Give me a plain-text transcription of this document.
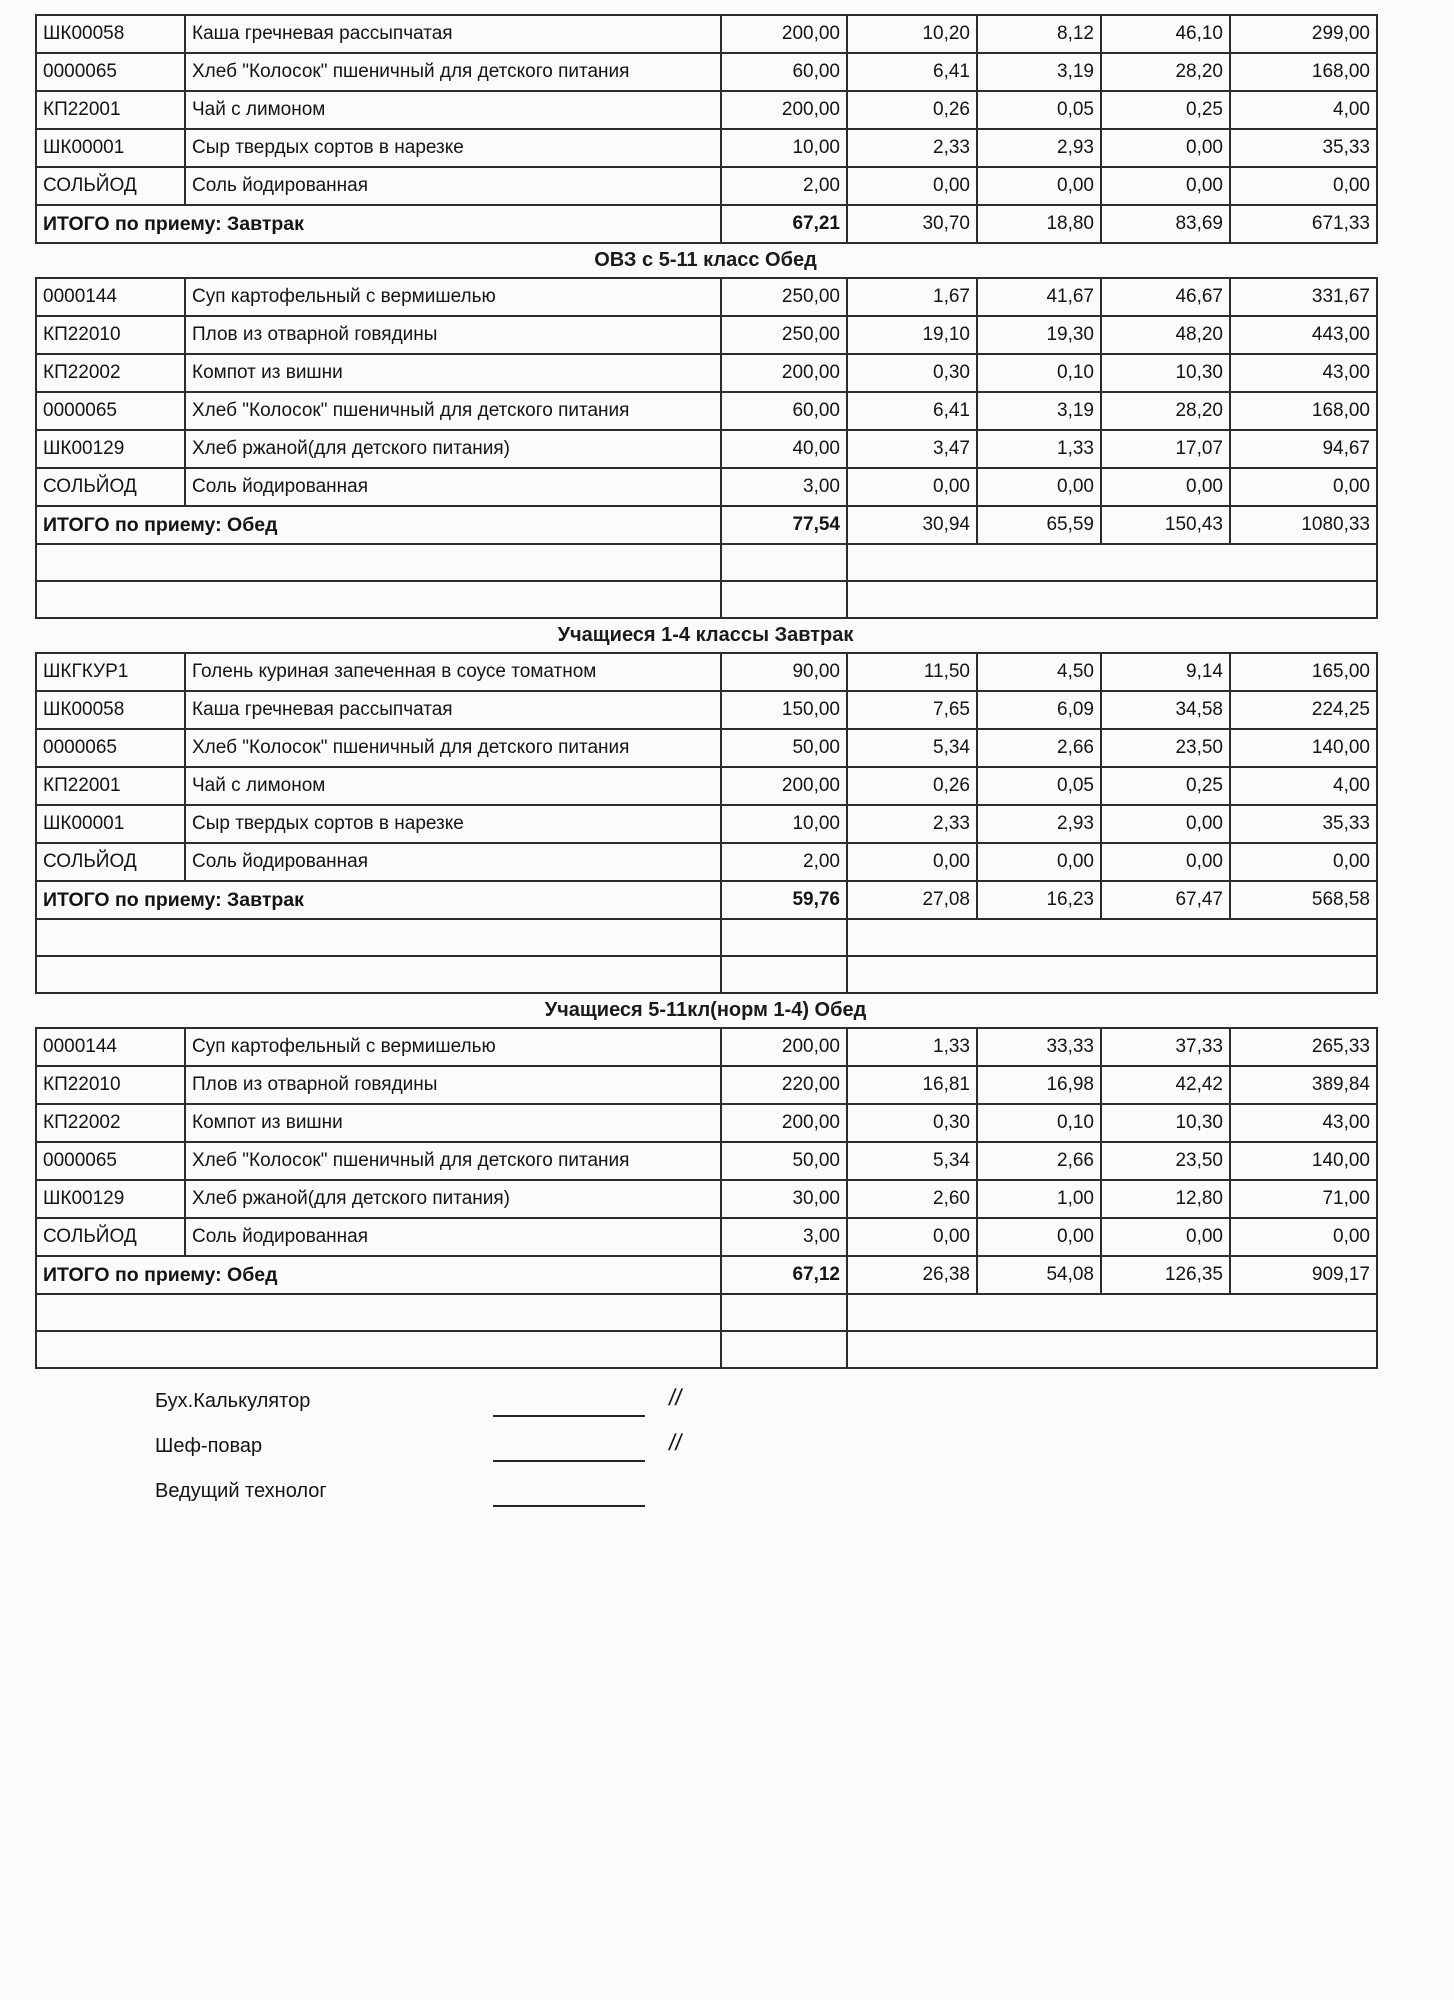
ШК00058	Каша гречневая рассыпчатая	200,00	10,20	8,12	46,10	299,00
0000065	Хлеб "Колосок" пшеничный для детского питания	60,00	6,41	3,19	28,20	168,00
КП22001	Чай с лимоном	200,00	0,26	0,05	0,25	4,00
ШК00001	Сыр твердых сортов в нарезке	10,00	2,33	2,93	0,00	35,33
СОЛЬЙОД	Соль йодированная	2,00	0,00	0,00	0,00	0,00
ИТОГО по приему: Завтрак		67,21	30,70	18,80	83,69	671,33
ОВЗ с 5-11 класс Обед
0000144	Суп картофельный с вермишелью	250,00	1,67	41,67	46,67	331,67
КП22010	Плов из отварной говядины	250,00	19,10	19,30	48,20	443,00
КП22002	Компот из вишни	200,00	0,30	0,10	10,30	43,00
0000065	Хлеб "Колосок" пшеничный для детского питания	60,00	6,41	3,19	28,20	168,00
ШК00129	Хлеб ржаной(для детского питания)	40,00	3,47	1,33	17,07	94,67
СОЛЬЙОД	Соль йодированная	3,00	0,00	0,00	0,00	0,00
ИТОГО по приему: Обед		77,54	30,94	65,59	150,43	1080,33

Учащиеся 1-4 классы Завтрак
ШКГКУР1	Голень куриная запеченная в соусе томатном	90,00	11,50	4,50	9,14	165,00
ШК00058	Каша гречневая рассыпчатая	150,00	7,65	6,09	34,58	224,25
0000065	Хлеб "Колосок" пшеничный для детского питания	50,00	5,34	2,66	23,50	140,00
КП22001	Чай с лимоном	200,00	0,26	0,05	0,25	4,00
ШК00001	Сыр твердых сортов в нарезке	10,00	2,33	2,93	0,00	35,33
СОЛЬЙОД	Соль йодированная	2,00	0,00	0,00	0,00	0,00
ИТОГО по приему: Завтрак		59,76	27,08	16,23	67,47	568,58

Учащиеся 5-11кл(норм 1-4) Обед
0000144	Суп картофельный с вермишелью	200,00	1,33	33,33	37,33	265,33
КП22010	Плов из отварной говядины	220,00	16,81	16,98	42,42	389,84
КП22002	Компот из вишни	200,00	0,30	0,10	10,30	43,00
0000065	Хлеб "Колосок" пшеничный для детского питания	50,00	5,34	2,66	23,50	140,00
ШК00129	Хлеб ржаной(для детского питания)	30,00	2,60	1,00	12,80	71,00
СОЛЬЙОД	Соль йодированная	3,00	0,00	0,00	0,00	0,00
ИТОГО по приему: Обед		67,12	26,38	54,08	126,35	909,17

Бух.Калькулятор	//
Шеф-повар	//
Ведущий технолог
